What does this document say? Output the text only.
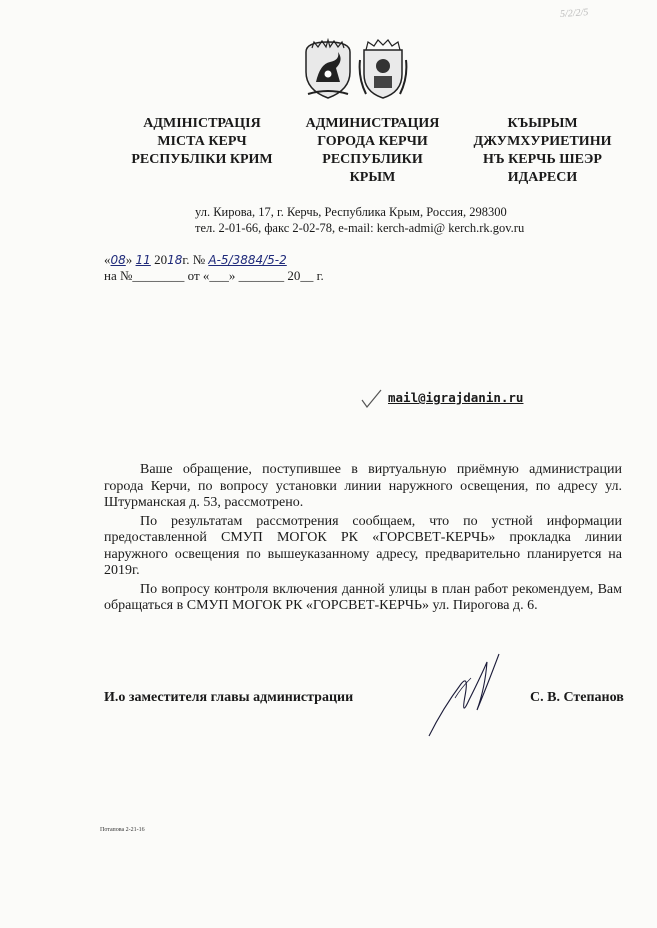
5/2/2/5
АДМІНІСТРАЦІЯ
МІСТА КЕРЧ
РЕСПУБЛІКИ КРИМ
АДМИНИСТРАЦИЯ
ГОРОДА КЕРЧИ
РЕСПУБЛИКИ
КРЫМ
КЪЫРЫМ
ДЖУМХУРИЕТИНИ
НЪ КЕРЧЬ ШЕЭР
ИДАРЕСИ
ул. Кирова, 17, г. Керчь, Республика Крым, Россия, 298300
тел. 2-01-66, факс 2-02-78, e-mail: kerch-admi@ kerch.rk.gov.ru
«08» 11 2018г. № А-5/3884/5-2
на №________ от «___» _______ 20__ г.
mail@igrajdanin.ru

Ваше обращение, поступившее в виртуальную приёмную администрации города Керчи, по вопросу установки линии наружного освещения, по адресу ул. Штурманская д. 53, рассмотрено.

По результатам рассмотрения сообщаем, что по устной информации предоставленной СМУП МОГОК РК «ГОРСВЕТ-КЕРЧЬ» прокладка линии наружного освещения по вышеуказанному адресу, предварительно планируется на 2019г.

По вопросу контроля включения данной улицы в план работ рекомендуем, Вам обращаться в СМУП МОГОК РК «ГОРСВЕТ-КЕРЧЬ» ул. Пирогова д. 6.

И.о заместителя главы администрации	С. В. Степанов
Потапова 2-21-16
